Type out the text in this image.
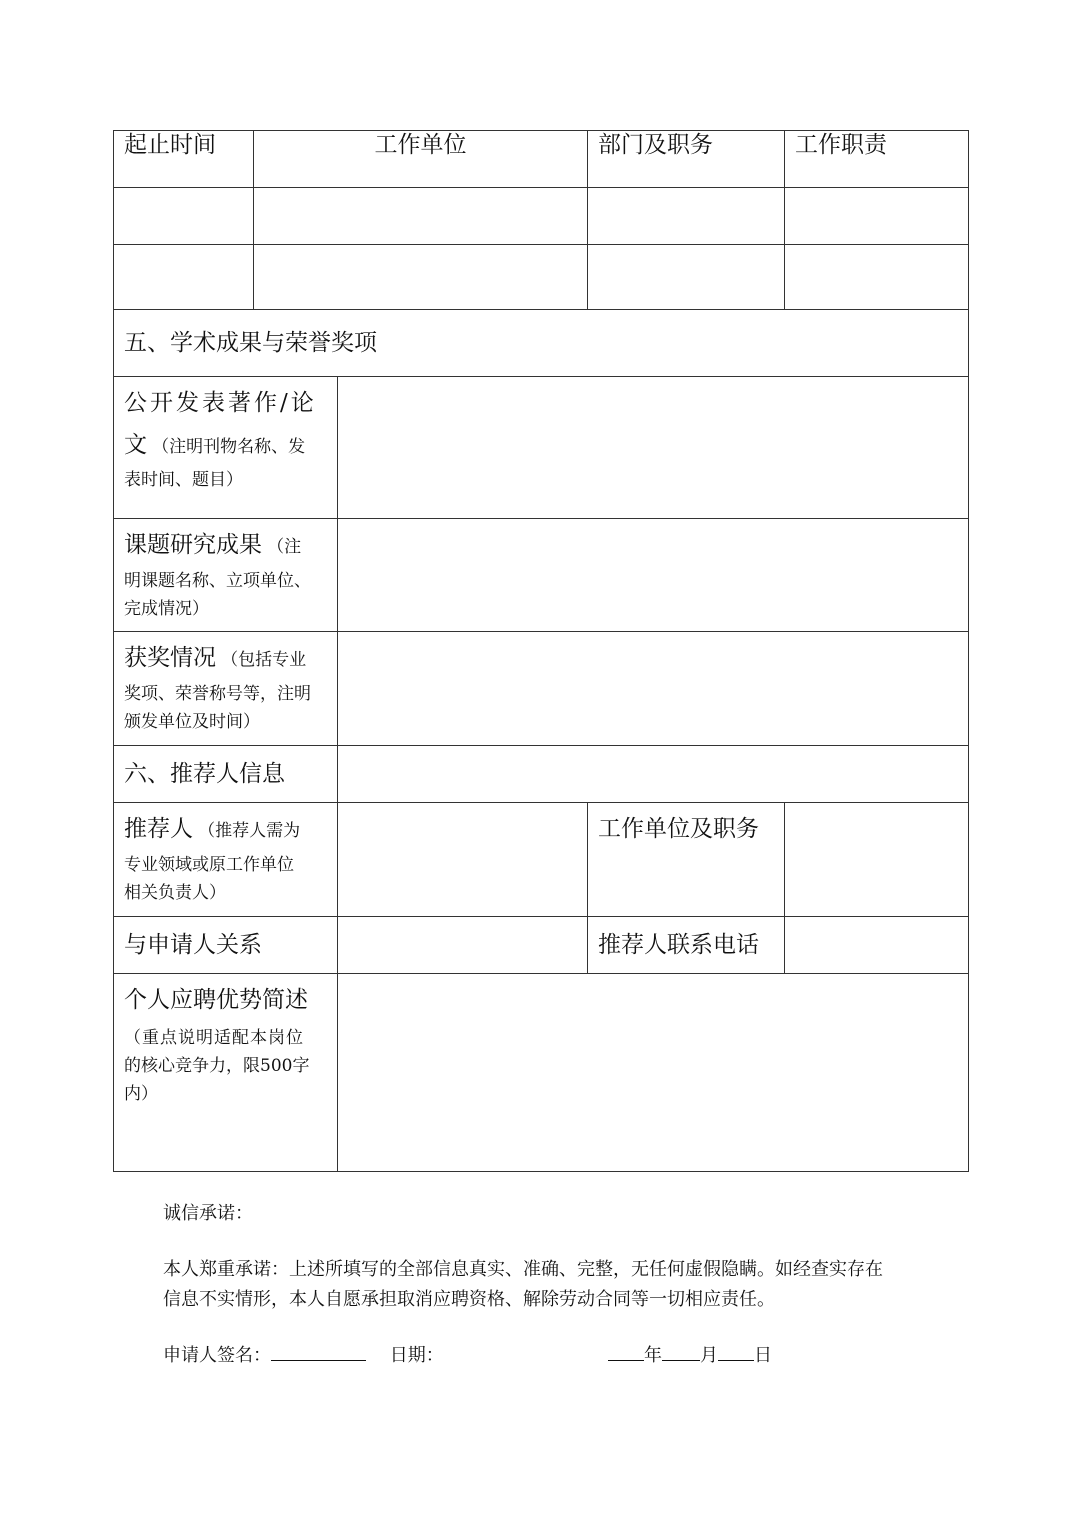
起止时间	工作单位		部门及职务	工作职责

五、学术成果与荣誉奖项				

公开发表著作/论
文 （注明刊物名称、发
表时间、题目）				

课题研究成果 （注
明课题名称、立项单位、
完成情况）				

获奖情况 （包括专业
奖项、荣誉称号等，注明
颁发单位及时间）				

六、推荐人信息				

推荐人 （推荐人需为
专业领域或原工作单位
相关负责人）			工作单位及职务	
与申请人关系			推荐人联系电话	

个人应聘优势简述
（重点说明适配本岗位
的核心竞争力，限500字
内）				

诚信承诺：
本人郑重承诺：上述所填写的全部信息真实、准确、完整，无任何虚假隐瞒。如经查实存在
信息不实情形，本人自愿承担取消应聘资格、解除劳动合同等一切相应责任。
申请人签名：	日期：	年 月 日
